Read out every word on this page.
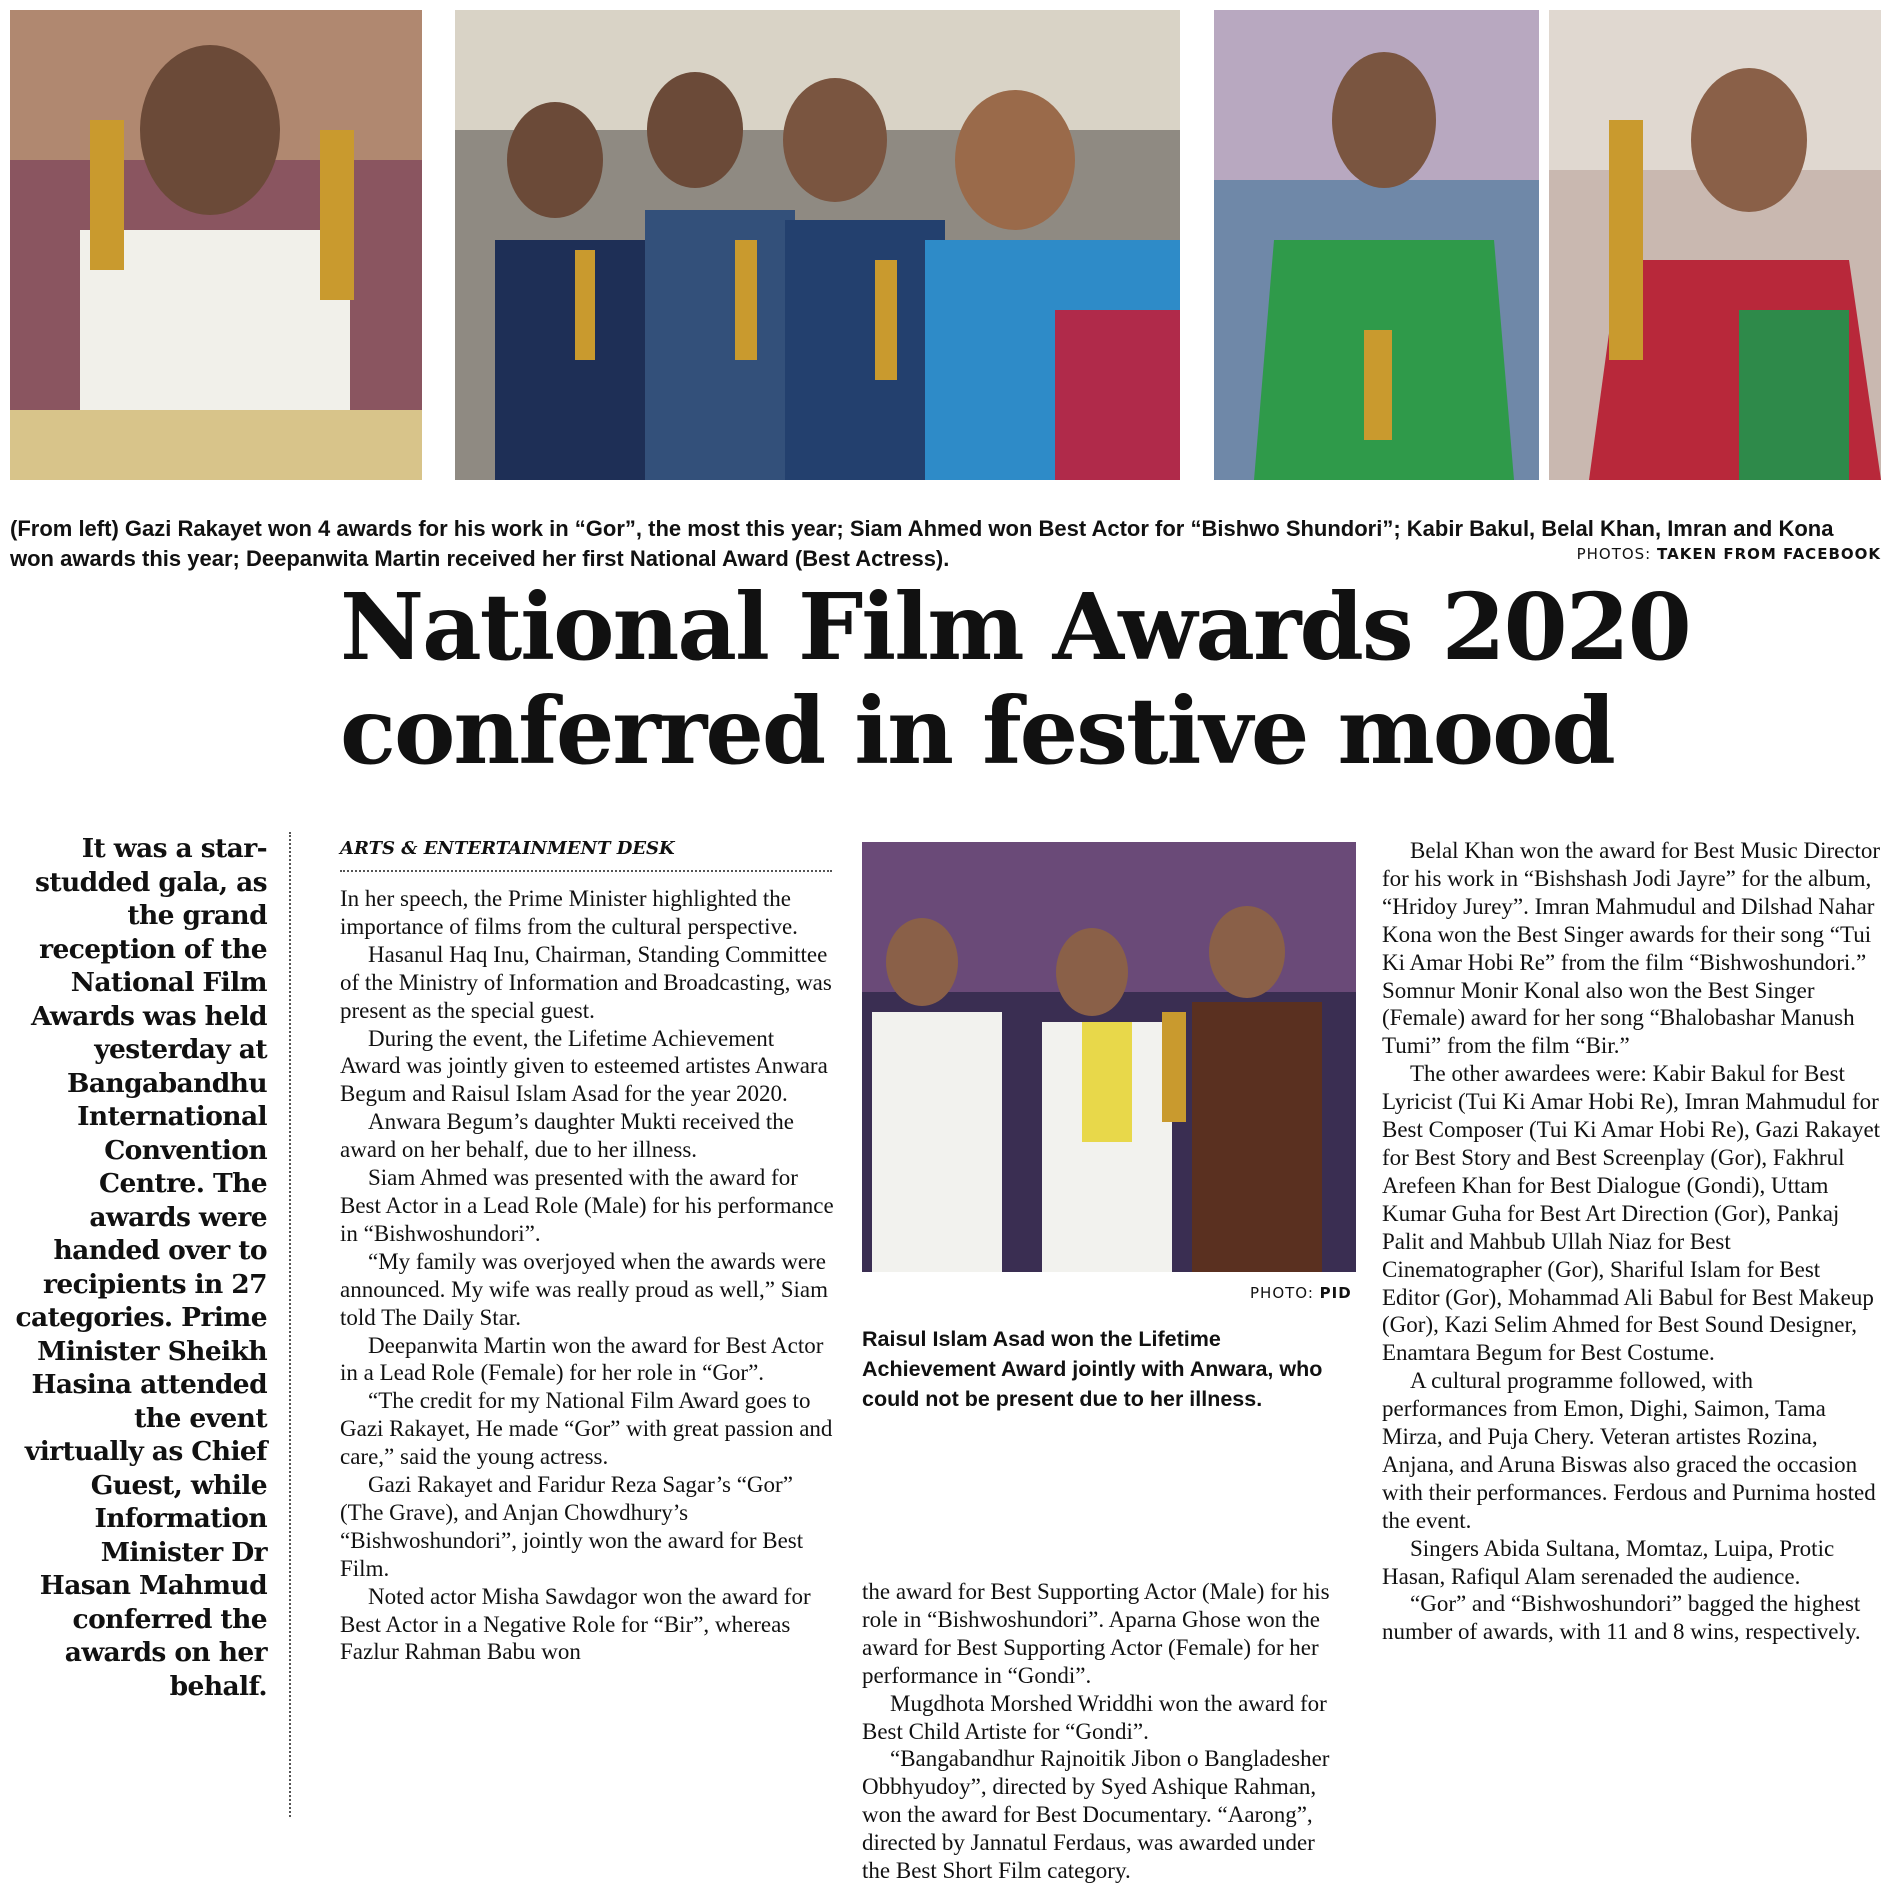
(From left) Gazi Rakayet won 4 awards for his work in “Gor”, the most this year; Siam Ahmed won Best Actor for “Bishwo Shundori”; Kabir Bakul, Belal Khan, Imran and Kona won awards this year; Deepanwita Martin received her first National Award (Best Actress).	PHOTOS: TAKEN FROM FACEBOOK
National Film Awards 2020
conferred in festive mood
It was a star-studded gala, as the grand reception of the National Film Awards was held yesterday at Bangabandhu International Convention Centre. The awards were handed over to recipients in 27 categories. Prime Minister Sheikh Hasina attended the event virtually as Chief Guest, while Information Minister Dr Hasan Mahmud conferred the awards on her behalf.
ARTS & ENTERTAINMENT DESK

In her speech, the Prime Minister highlighted the importance of films from the cultural perspective.

Hasanul Haq Inu, Chairman, Standing Committee of the Ministry of Information and Broadcasting, was present as the special guest.

During the event, the Lifetime Achievement Award was jointly given to esteemed artistes Anwara Begum and Raisul Islam Asad for the year 2020.

Anwara Begum’s daughter Mukti received the award on her behalf, due to her illness.

Siam Ahmed was presented with the award for Best Actor in a Lead Role (Male) for his performance in “Bishwoshundori”.

“My family was overjoyed when the awards were announced. My wife was really proud as well,” Siam told The Daily Star.

Deepanwita Martin won the award for Best Actor in a Lead Role (Female) for her role in “Gor”.

“The credit for my National Film Award goes to Gazi Rakayet, He made “Gor” with great passion and care,” said the young actress.

Gazi Rakayet and Faridur Reza Sagar’s “Gor” (The Grave), and Anjan Chowdhury’s “Bishwoshundori”, jointly won the award for Best Film.

Noted actor Misha Sawdagor won the award for Best Actor in a Negative Role for “Bir”, whereas Fazlur Rahman Babu won

PHOTO: PID
Raisul Islam Asad won the Lifetime Achievement Award jointly with Anwara, who could not be present due to her illness.

the award for Best Supporting Actor (Male) for his role in “Bishwoshundori”. Aparna Ghose won the award for Best Supporting Actor (Female) for her performance in “Gondi”.

Mugdhota Morshed Wriddhi won the award for Best Child Artiste for “Gondi”.

“Bangabandhur Rajnoitik Jibon o Bangladesher Obbhyudoy”, directed by Syed Ashique Rahman, won the award for Best Documentary. “Aarong”, directed by Jannatul Ferdaus, was awarded under the Best Short Film category.

Belal Khan won the award for Best Music Director for his work in “Bishshash Jodi Jayre” for the album, “Hridoy Jurey”. Imran Mahmudul and Dilshad Nahar Kona won the Best Singer awards for their song “Tui Ki Amar Hobi Re” from the film “Bishwoshundori.” Somnur Monir Konal also won the Best Singer (Female) award for her song “Bhalobashar Manush Tumi” from the film “Bir.”

The other awardees were: Kabir Bakul for Best Lyricist (Tui Ki Amar Hobi Re), Imran Mahmudul for Best Composer (Tui Ki Amar Hobi Re), Gazi Rakayet for Best Story and Best Screenplay (Gor), Fakhrul Arefeen Khan for Best Dialogue (Gondi), Uttam Kumar Guha for Best Art Direction (Gor), Pankaj Palit and Mahbub Ullah Niaz for Best Cinematographer (Gor), Shariful Islam for Best Editor (Gor), Mohammad Ali Babul for Best Makeup (Gor), Kazi Selim Ahmed for Best Sound Designer, Enamtara Begum for Best Costume.

A cultural programme followed, with performances from Emon, Dighi, Saimon, Tama Mirza, and Puja Chery. Veteran artistes Rozina, Anjana, and Aruna Biswas also graced the occasion with their performances. Ferdous and Purnima hosted the event.

Singers Abida Sultana, Momtaz, Luipa, Protic Hasan, Rafiqul Alam serenaded the audience.

“Gor” and “Bishwoshundori” bagged the highest number of awards, with 11 and 8 wins, respectively.
